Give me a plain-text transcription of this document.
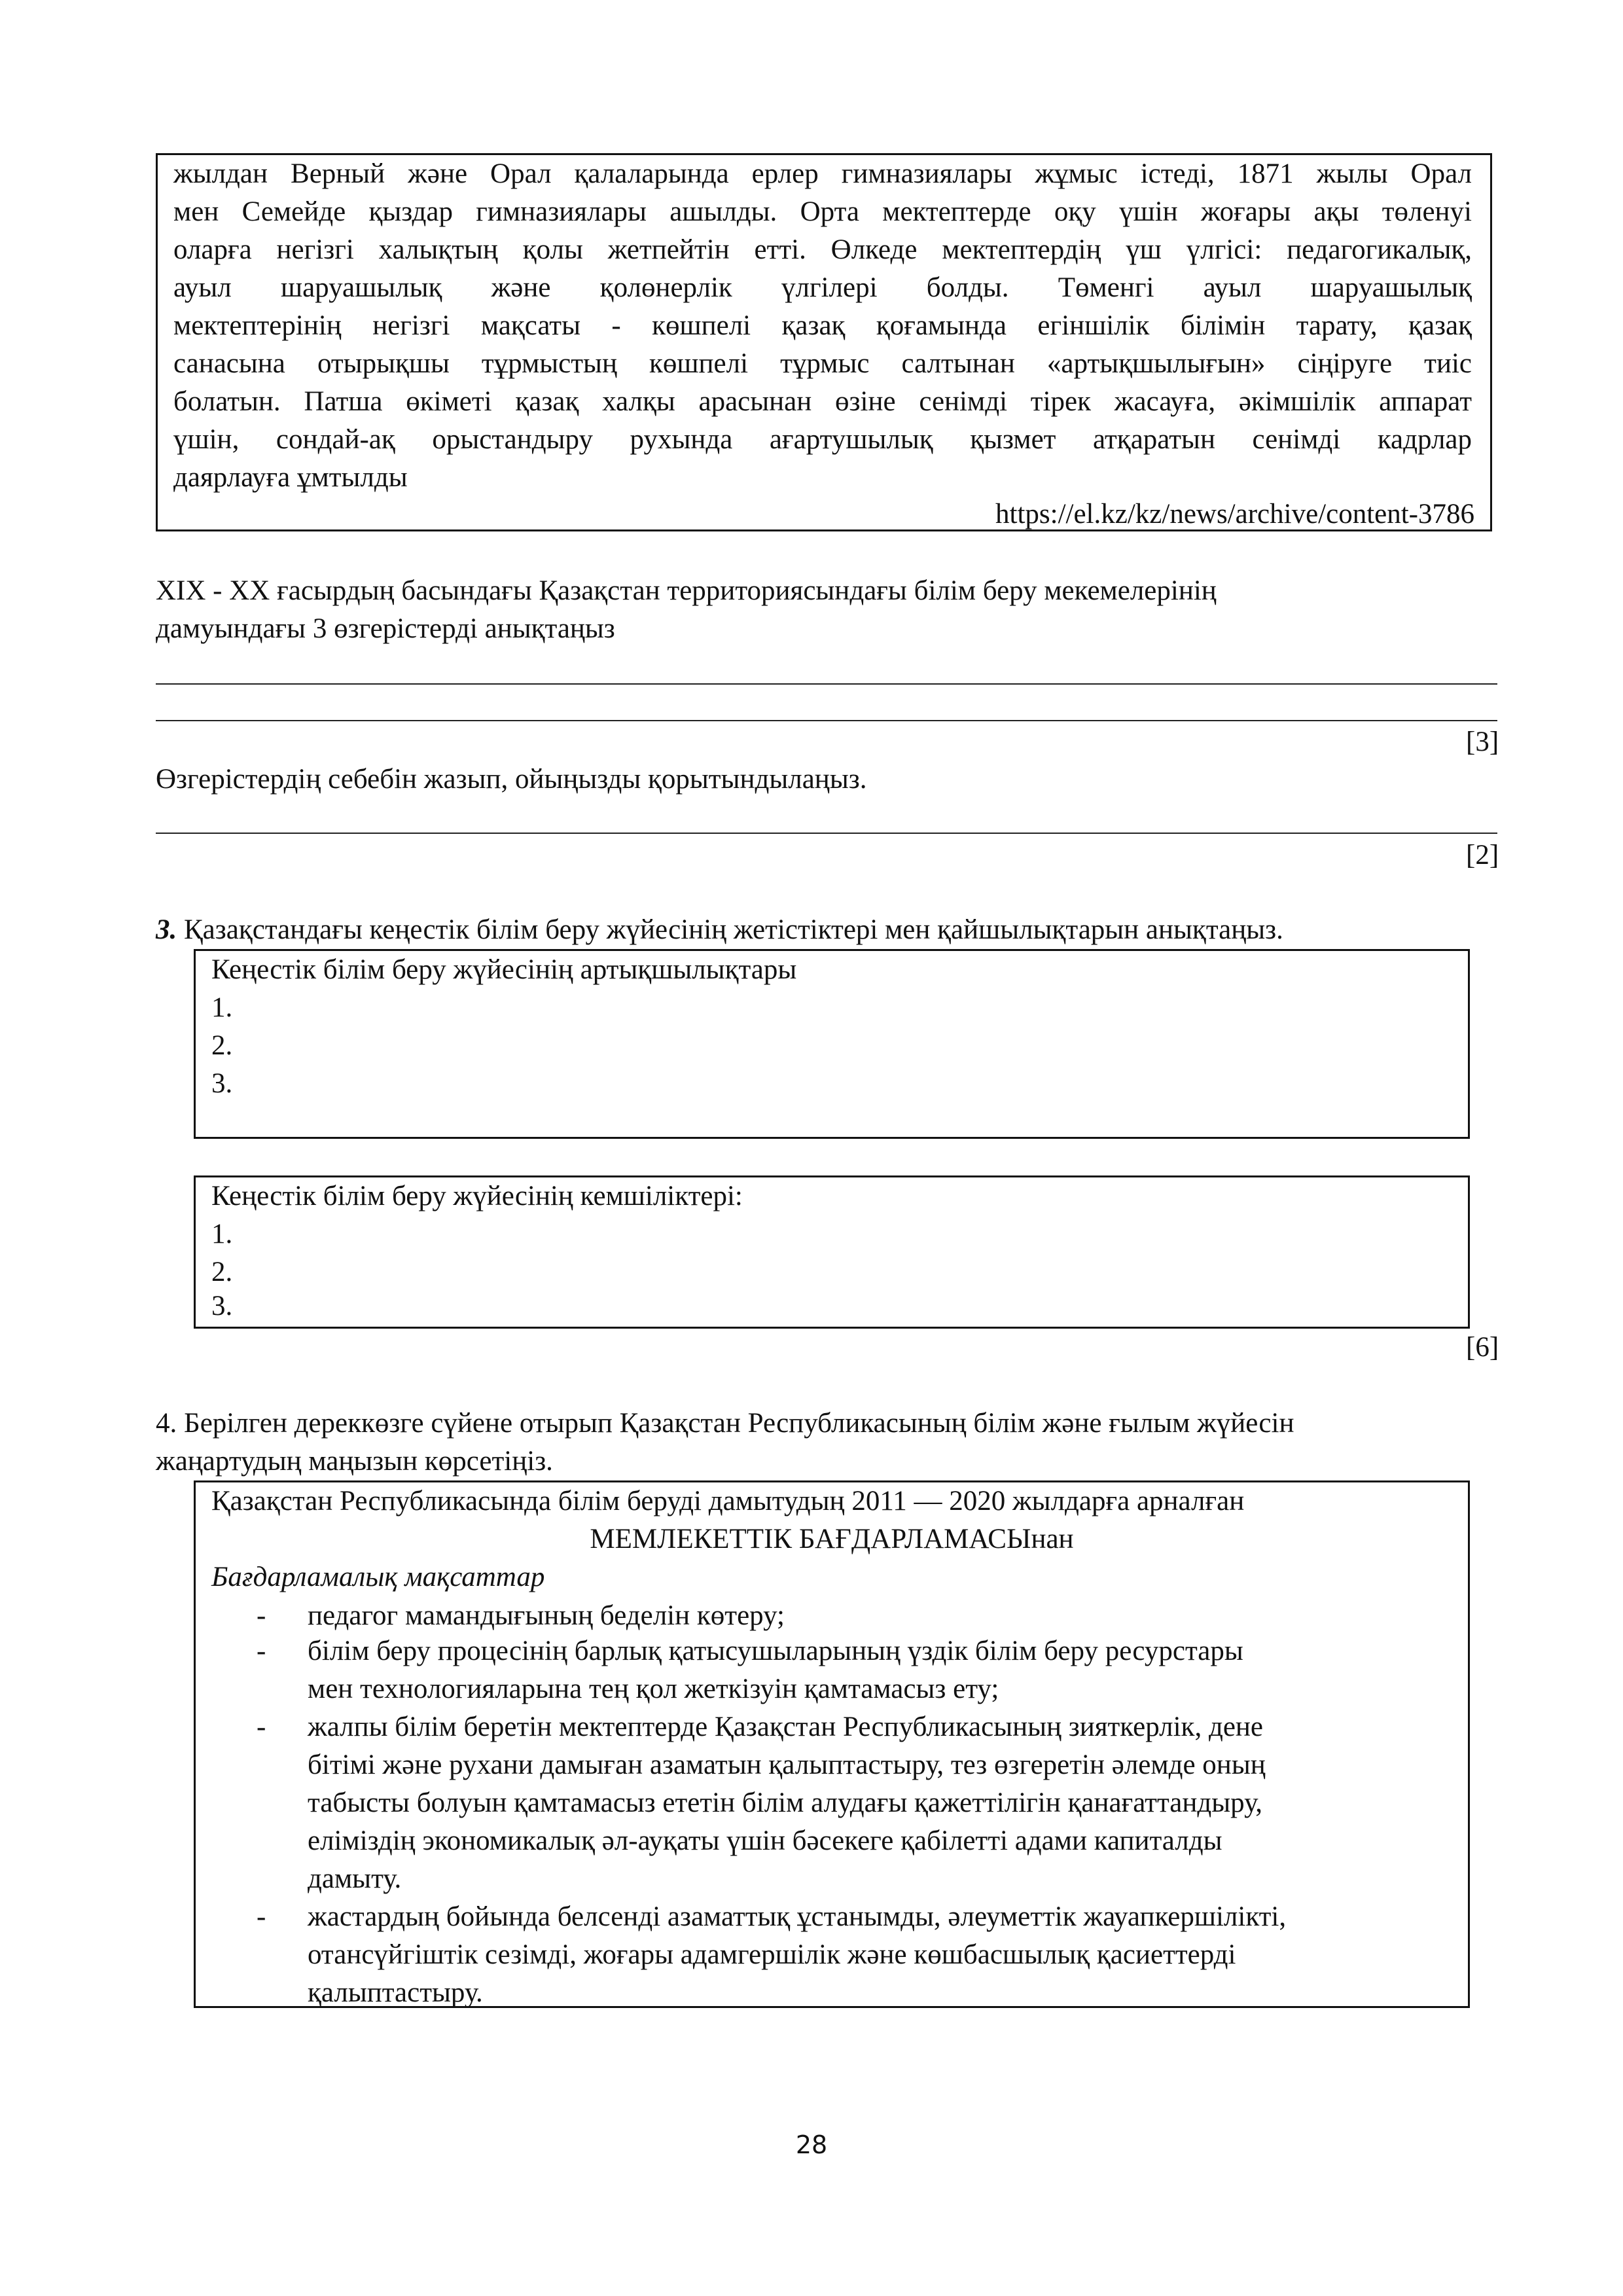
жылдан Верный және Орал қалаларында ерлер гимназиялары жұмыс істеді, 1871 жылы Орал
мен Семейде қыздар гимназиялары ашылды. Орта мектептерде оқу үшін жоғары ақы төленуі
оларға негізгі халықтың қолы жетпейтін етті. Өлкеде мектептердің үш үлгісі: педагогикалық,
ауыл шаруашылық және қолөнерлік үлгілері болды. Төменгі ауыл шаруашылық
мектептерінің негізгі мақсаты - көшпелі қазақ қоғамында егіншілік білімін тарату, қазақ
санасына отырықшы тұрмыстың көшпелі тұрмыс салтынан «артықшылығын» сіңіруге тиіс
болатын. Патша өкіметі қазақ халқы арасынан өзіне сенімді тірек жасауға, әкімшілік аппарат
үшін, сондай-ақ орыстандыру рухында ағартушылық қызмет атқаратын сенімді кадрлар
даярлауға ұмтылды
https://el.kz/kz/news/archive/content-3786
XIX - XX ғасырдың басындағы Қазақстан территориясындағы білім беру мекемелерінің
дамуындағы 3 өзгерістерді анықтаңыз
[3]
Өзгерістердің себебін жазып, ойыңызды қорытындылаңыз.
[2]
3. Қазақстандағы кеңестік білім беру жүйесінің жетістіктері мен қайшылықтарын анықтаңыз.
Кеңестік білім беру жүйесінің артықшылықтары
1.
2.
3.
Кеңестік білім беру жүйесінің кемшіліктері:
1.
2.
3.
[6]
4. Берілген дереккөзге сүйене отырып Қазақстан Республикасының білім және ғылым жүйесін
жаңартудың маңызын көрсетіңіз.
Қазақстан Республикасында білім беруді дамытудың 2011 — 2020 жылдарға арналған
МЕМЛЕКЕТТІК БАҒДАРЛАМАСЫнан
Бағдарламалық мақсаттар
- педагог мамандығының беделін көтеру;
- білім беру процесінің барлық қатысушыларының үздік білім беру ресурстары
мен технологияларына тең қол жеткізуін қамтамасыз ету;
- жалпы білім беретін мектептерде Қазақстан Республикасының зияткерлік, дене
бітімі және рухани дамыған азаматын қалыптастыру, тез өзгеретін әлемде оның
табысты болуын қамтамасыз ететін білім алудағы қажеттілігін қанағаттандыру,
еліміздің экономикалық әл-ауқаты үшін бәсекеге қабілетті адами капиталды
дамыту.
- жастардың бойында белсенді азаматтық ұстанымды, әлеуметтік жауапкершілікті,
отансүйгіштік сезімді, жоғары адамгершілік және көшбасшылық қасиеттерді
қалыптастыру.
28
